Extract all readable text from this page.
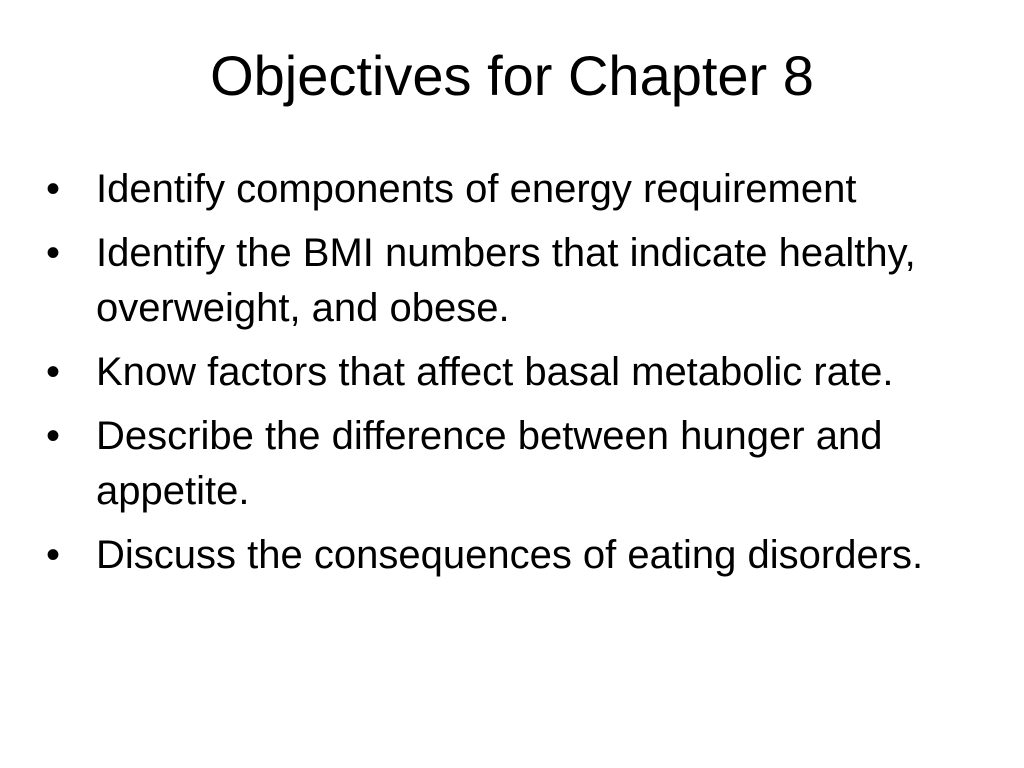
Objectives for Chapter 8
• Identify components of energy requirement
• Identify the BMI numbers that indicate healthy, overweight, and obese.
• Know factors that affect basal metabolic rate.
• Describe the difference between hunger and appetite.
• Discuss the consequences of eating disorders.
